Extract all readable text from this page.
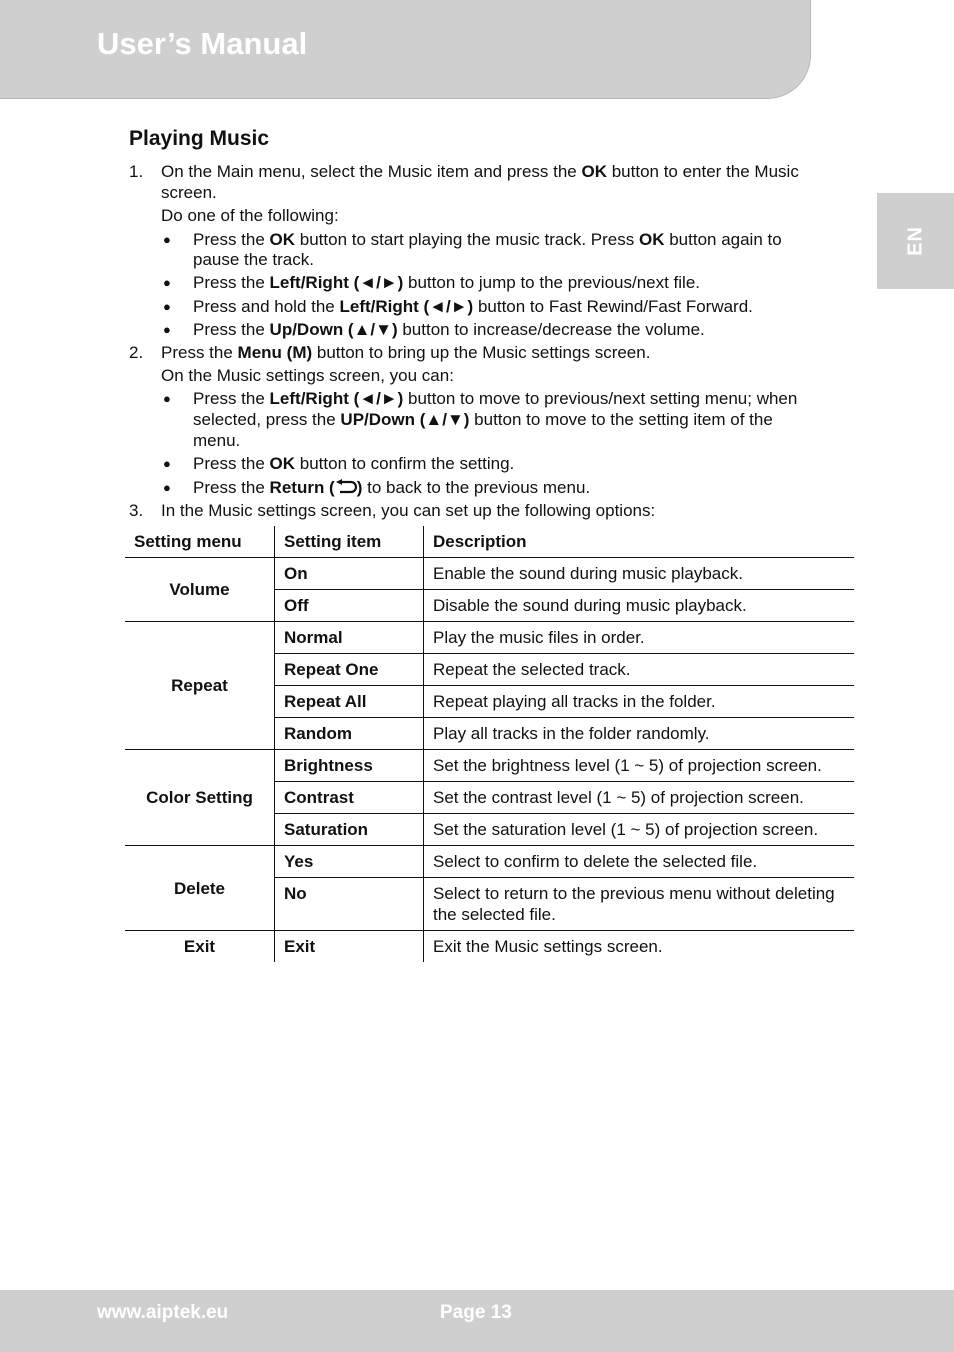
User’s Manual
EN
Playing Music
1. On the Main menu, select the Music item and press the OK button to enter the Music
screen.
Do one of the following:
● Press the OK button to start playing the music track. Press OK button again to
pause the track.
● Press the Left/Right (◄/►) button to jump to the previous/next file.
● Press and hold the Left/Right (◄/►) button to Fast Rewind/Fast Forward.
● Press the Up/Down (▲/▼) button to increase/decrease the volume.
2. Press the Menu (M) button to bring up the Music settings screen.
On the Music settings screen, you can:
● Press the Left/Right (◄/►) button to move to previous/next setting menu; when
selected, press the UP/Down (▲/▼) button to move to the setting item of the
menu.
● Press the OK button to confirm the setting.
● Press the Return ( ) to back to the previous menu.
3. In the Music settings screen, you can set up the following options:
Setting menu	Setting item	Description
Volume	On	Enable the sound during music playback.
	Off	Disable the sound during music playback.
Repeat	Normal	Play the music files in order.
	Repeat One	Repeat the selected track.
	Repeat All	Repeat playing all tracks in the folder.
	Random	Play all tracks in the folder randomly.
Color Setting	Brightness	Set the brightness level (1 ~ 5) of projection screen.
	Contrast	Set the contrast level (1 ~ 5) of projection screen.
	Saturation	Set the saturation level (1 ~ 5) of projection screen.
Delete	Yes	Select to confirm to delete the selected file.
	No	Select to return to the previous menu without deleting the selected file.
Exit	Exit	Exit the Music settings screen.
www.aiptek.eu	Page 13
